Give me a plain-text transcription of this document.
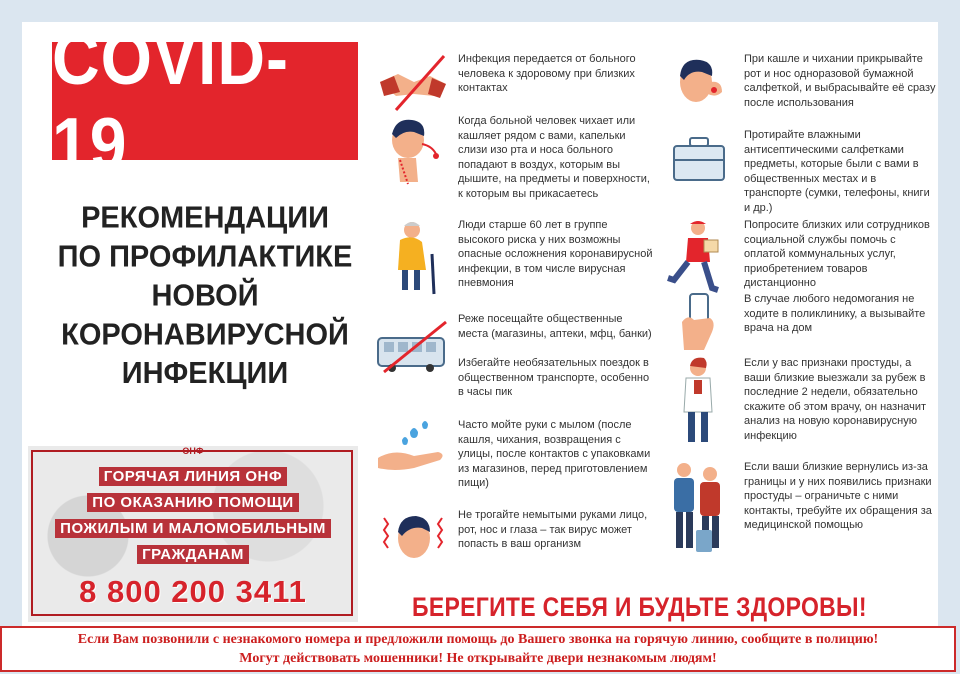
COVID-19
РЕКОМЕНДАЦИИ
ПО ПРОФИЛАКТИКЕ
НОВОЙ
КОРОНАВИРУСНОЙ
ИНФЕКЦИИ
ОНФ
ГОРЯЧАЯ ЛИНИЯ ОНФ
ПО ОКАЗАНИЮ ПОМОЩИ
ПОЖИЛЫМ И МАЛОМОБИЛЬНЫМ
ГРАЖДАНАМ
8 800 200 3411
Инфекция передается от больного человека к здоровому при близких контактах
Когда больной человек чихает или кашляет рядом с вами, капельки слизи изо рта и носа больного попадают в воздух, которым вы дышите, на предметы и поверхности, к которым вы прикасаетесь
Люди старше 60 лет в группе высокого риска у них возможны опасные осложнения коронавирусной инфекции, в том числе вирусная пневмония
Реже посещайте общественные места (магазины, аптеки, мфц, банки)
Избегайте необязательных поездок в общественном транспорте, особенно в часы пик
Часто мойте руки с мылом (после кашля, чихания, возвращения с улицы, после контактов с упаковками из магазинов, перед приготовлением пищи)
Не трогайте немытыми руками лицо, рот, нос и глаза – так вирус может попасть в ваш организм
При кашле и чихании прикрывайте рот и нос одноразовой бумажной салфеткой, и выбрасывайте её сразу после использования
Протирайте влажными антисептическими салфетками предметы, которые были с вами в общественных местах и в транспорте (сумки, телефоны, книги и др.)
Попросите близких или сотрудников социальной службы помочь с оплатой коммунальных услуг, приобретением товаров дистанционно
В случае любого недомогания не ходите в поликлинику, а вызывайте врача на дом
Если у вас признаки простуды, а ваши близкие выезжали за рубеж в последние 2 недели, обязательно скажите об этом врачу, он назначит анализ на новую коронавирусную инфекцию
Если ваши близкие вернулись из-за границы и у них появились признаки простуды – ограничьте с ними контакты, требуйте их обращения за медицинской помощью
БЕРЕГИТЕ СЕБЯ И БУДЬТЕ ЗДОРОВЫ!
Если Вам позвонили с незнакомого номера и предложили помощь до Вашего звонка на горячую линию, сообщите в полицию!
Могут действовать мошенники! Не открывайте двери незнакомым людям!
